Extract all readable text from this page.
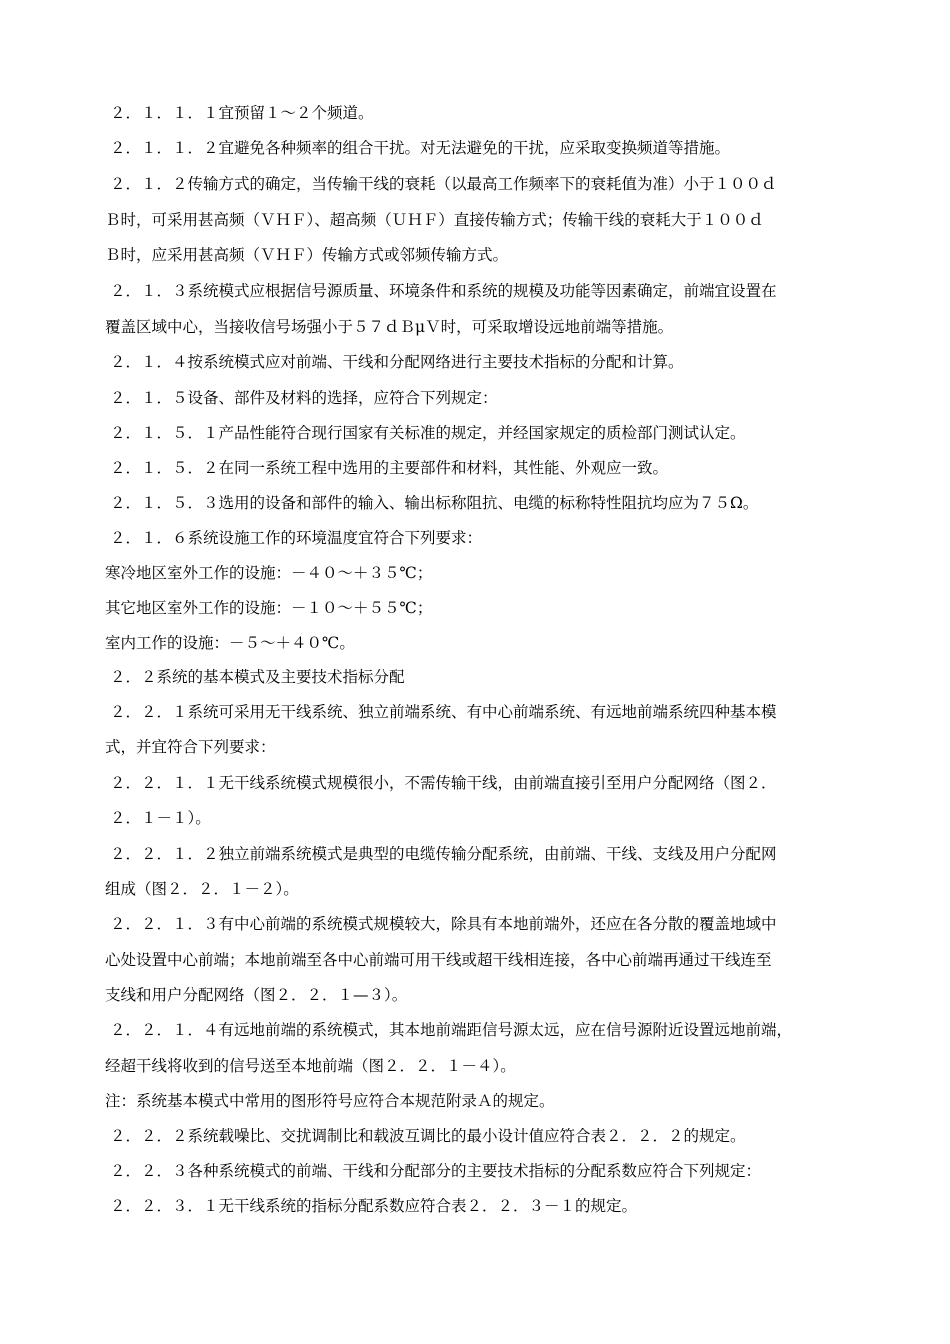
２．１．１．１宜预留１～２个频道。
２．１．１．２宜避免各种频率的组合干扰。对无法避免的干扰，应采取变换频道等措施。
２．１．２传输方式的确定，当传输干线的衰耗（以最高工作频率下的衰耗值为准）小于１００ｄ
Ｂ时，可采用甚高频（ＶＨＦ）、超高频（ＵＨＦ）直接传输方式；传输干线的衰耗大于１００ｄ
Ｂ时，应采用甚高频（ＶＨＦ）传输方式或邻频传输方式。
２．１．３系统模式应根据信号源质量、环境条件和系统的规模及功能等因素确定，前端宜设置在
覆盖区域中心，当接收信号场强小于５７ｄＢμＶ时，可采取增设远地前端等措施。
２．１．４按系统模式应对前端、干线和分配网络进行主要技术指标的分配和计算。
２．１．５设备、部件及材料的选择，应符合下列规定：
２．１．５．１产品性能符合现行国家有关标准的规定，并经国家规定的质检部门测试认定。
２．１．５．２在同一系统工程中选用的主要部件和材料，其性能、外观应一致。
２．１．５．３选用的设备和部件的输入、输出标称阻抗、电缆的标称特性阻抗均应为７５Ω。
２．１．６系统设施工作的环境温度宜符合下列要求：
寒冷地区室外工作的设施：－４０～＋３５℃；
其它地区室外工作的设施：－１０～＋５５℃；
室内工作的设施：－５～＋４０℃。
２．２系统的基本模式及主要技术指标分配
２．２．１系统可采用无干线系统、独立前端系统、有中心前端系统、有远地前端系统四种基本模
式，并宜符合下列要求：
２．２．１．１无干线系统模式规模很小，不需传输干线，由前端直接引至用户分配网络（图２．
２．１－１）。
２．２．１．２独立前端系统模式是典型的电缆传输分配系统，由前端、干线、支线及用户分配网
组成（图２．２．１－２）。
２．２．１．３有中心前端的系统模式规模较大，除具有本地前端外，还应在各分散的覆盖地域中
心处设置中心前端；本地前端至各中心前端可用干线或超干线相连接，各中心前端再通过干线连至
支线和用户分配网络（图２．２．１—３）。
２．２．１．４有远地前端的系统模式，其本地前端距信号源太远，应在信号源附近设置远地前端，
经超干线将收到的信号送至本地前端（图２．２．１－４）。
注：系统基本模式中常用的图形符号应符合本规范附录Ａ的规定。
２．２．２系统载噪比、交扰调制比和载波互调比的最小设计值应符合表２．２．２的规定。
２．２．３各种系统模式的前端、干线和分配部分的主要技术指标的分配系数应符合下列规定：
２．２．３．１无干线系统的指标分配系数应符合表２．２．３－１的规定。
